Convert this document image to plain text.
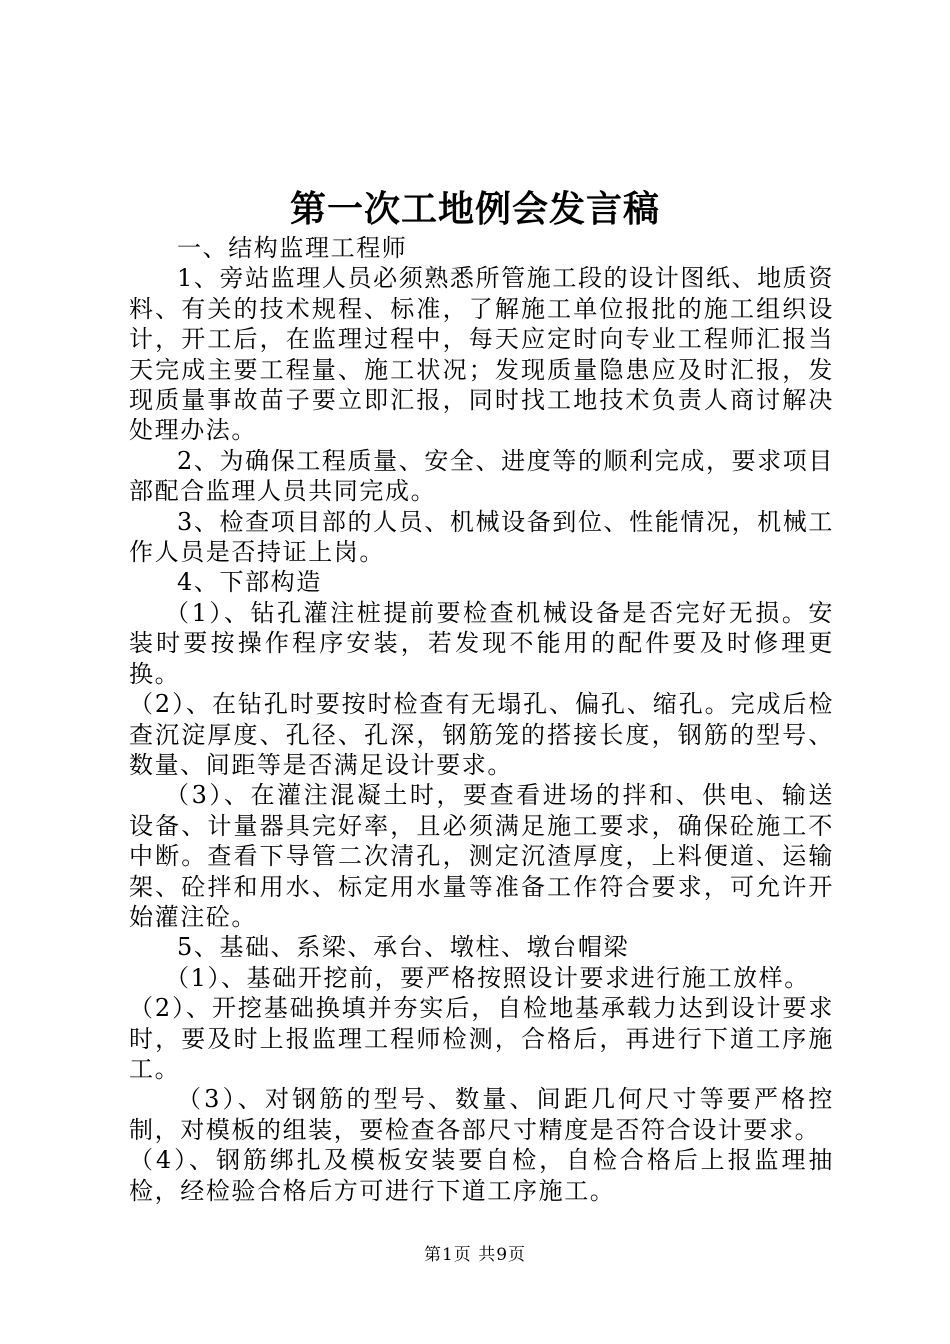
第一次工地例会发言稿

一、结构监理工程师

1、旁站监理人员必须熟悉所管施工段的设计图纸、地质资料、有关的技术规程、标准，了解施工单位报批的施工组织设计，开工后，在监理过程中，每天应定时向专业工程师汇报当天完成主要工程量、施工状况；发现质量隐患应及时汇报，发现质量事故苗子要立即汇报，同时找工地技术负责人商讨解决处理办法。

2、为确保工程质量、安全、进度等的顺利完成，要求项目部配合监理人员共同完成。

3、检查项目部的人员、机械设备到位、性能情况，机械工作人员是否持证上岗。

4、下部构造

（1）、钻孔灌注桩提前要检查机械设备是否完好无损。安装时要按操作程序安装，若发现不能用的配件要及时修理更换。

（2）、在钻孔时要按时检查有无塌孔、偏孔、缩孔。完成后检查沉淀厚度、孔径、孔深，钢筋笼的搭接长度，钢筋的型号、数量、间距等是否满足设计要求。

（3）、在灌注混凝土时，要查看进场的拌和、供电、输送设备、计量器具完好率，且必须满足施工要求，确保砼施工不中断。查看下导管二次清孔，测定沉渣厚度，上料便道、运输架、砼拌和用水、标定用水量等准备工作符合要求，可允许开始灌注砼。

5、基础、系梁、承台、墩柱、墩台帽梁

（1）、基础开挖前，要严格按照设计要求进行施工放样。

（2）、开挖基础换填并夯实后，自检地基承载力达到设计要求时，要及时上报监理工程师检测，合格后，再进行下道工序施工。

（3）、对钢筋的型号、数量、间距几何尺寸等要严格控制，对模板的组装，要检查各部尺寸精度是否符合设计要求。

（4）、钢筋绑扎及模板安装要自检，自检合格后上报监理抽检，经检验合格后方可进行下道工序施工。

第1页 共9页
